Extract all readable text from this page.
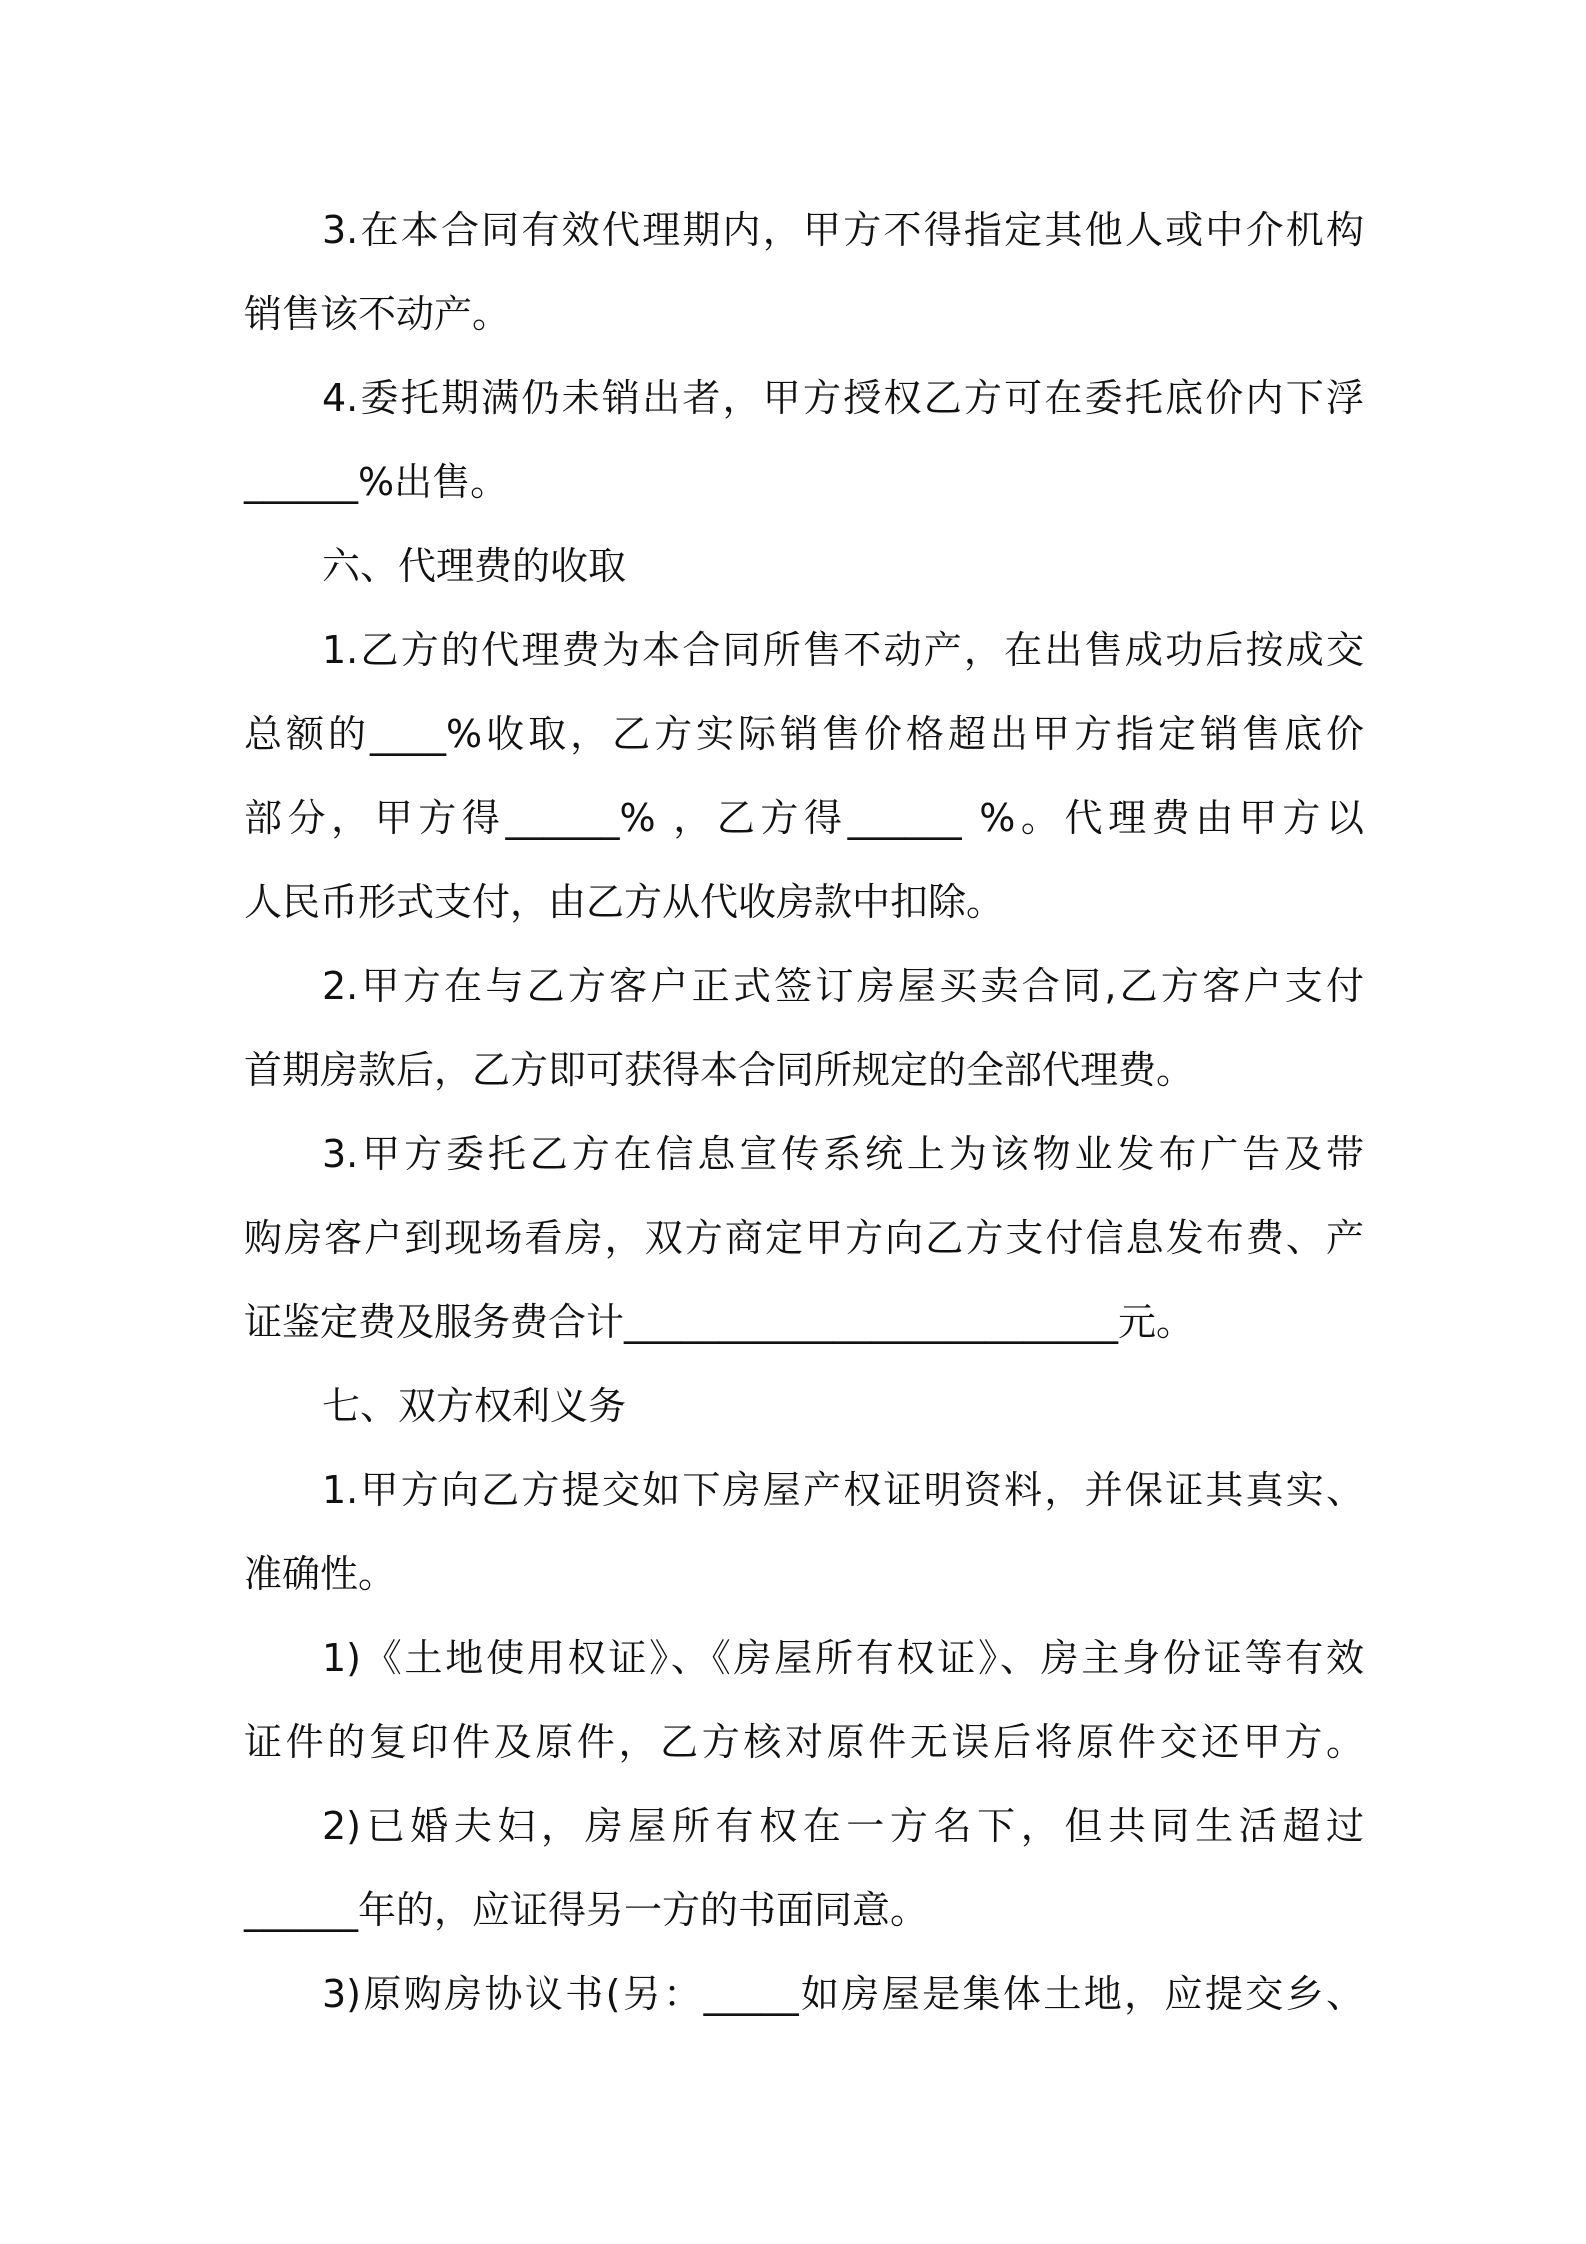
3.在本合同有效代理期内，甲方不得指定其他人或中介机构
销售该不动产。
4.委托期满仍未销出者，甲方授权乙方可在委托底价内下浮
______%出售。
六、代理费的收取
1.乙方的代理费为本合同所售不动产，在出售成功后按成交
总额的____%收取，乙方实际销售价格超出甲方指定销售底价
部分，甲方得______% ，乙方得______ %。代理费由甲方以
人民币形式支付，由乙方从代收房款中扣除。
2.甲方在与乙方客户正式签订房屋买卖合同,乙方客户支付
首期房款后，乙方即可获得本合同所规定的全部代理费。
3.甲方委托乙方在信息宣传系统上为该物业发布广告及带
购房客户到现场看房，双方商定甲方向乙方支付信息发布费、产
证鉴定费及服务费合计__________________________元。
七、双方权利义务
1.甲方向乙方提交如下房屋产权证明资料，并保证其真实、
准确性。
1)《土地使用权证》、《房屋所有权证》、房主身份证等有效
证件的复印件及原件，乙方核对原件无误后将原件交还甲方。
2)已婚夫妇，房屋所有权在一方名下，但共同生活超过
______年的，应证得另一方的书面同意。
3)原购房协议书(另：_____如房屋是集体土地，应提交乡、
